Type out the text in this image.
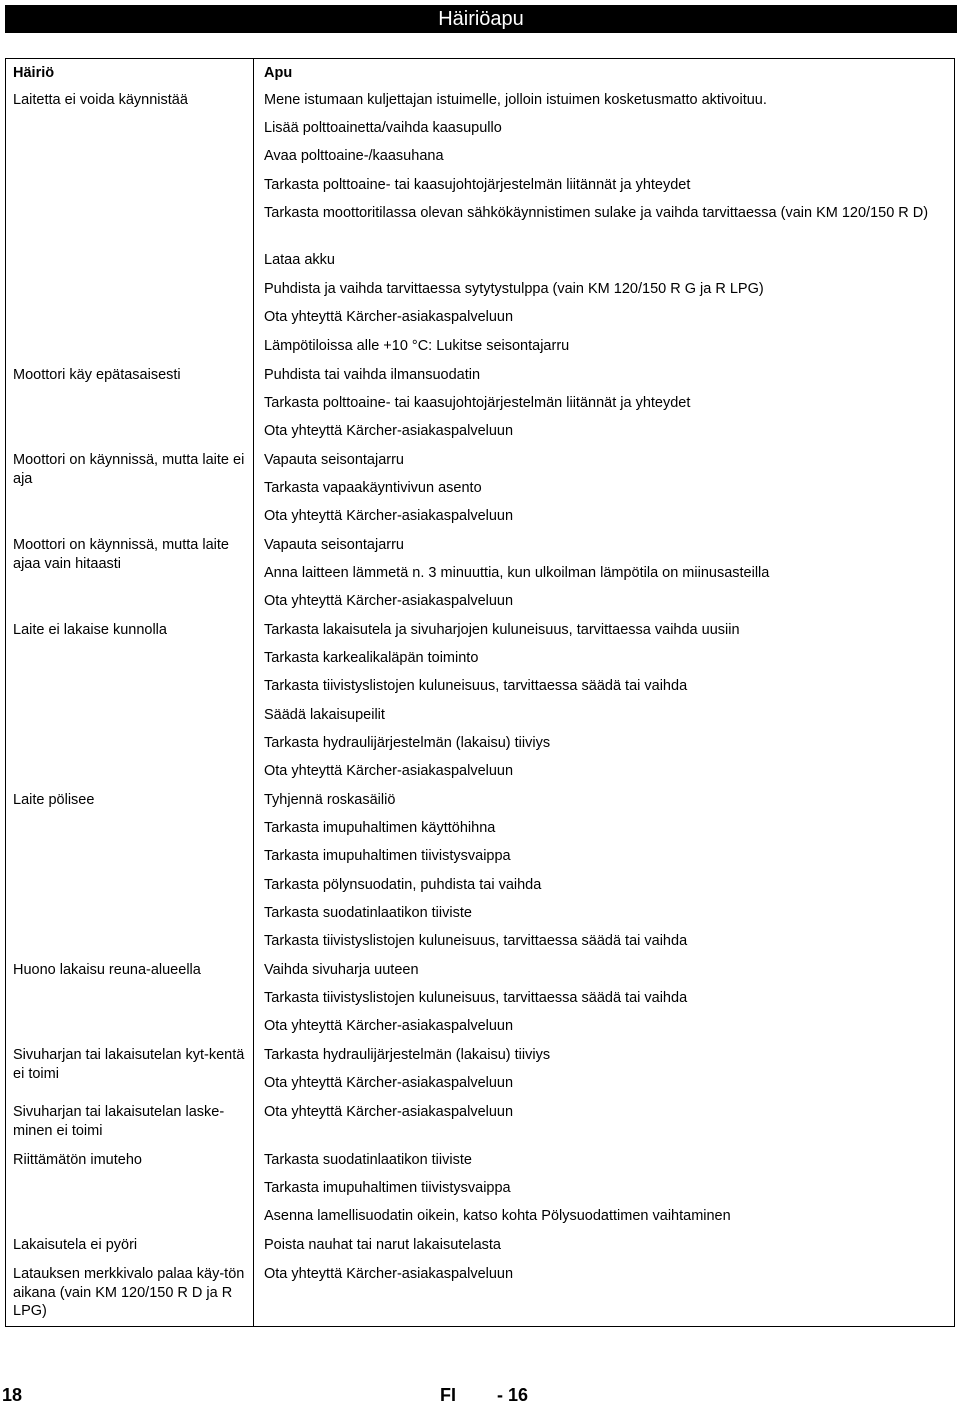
Häiriöapu
Häiriö
Laitetta ei voida käynnistää
Moottori käy epätasaisesti
Moottori on käynnissä, mutta laite ei aja
Moottori on käynnissä, mutta laite ajaa vain hitaasti
Laite ei lakaise kunnolla
Laite pölisee
Huono lakaisu reuna-alueella
Sivuharjan tai lakaisutelan kyt-kentä ei toimi
Sivuharjan tai lakaisutelan laske-minen ei toimi
Riittämätön imuteho
Lakaisutela ei pyöri
Latauksen merkkivalo palaa käy-tön aikana (vain KM 120/150 R D ja R LPG)
Apu
Mene istumaan kuljettajan istuimelle, jolloin istuimen kosketusmatto aktivoituu.
Lisää polttoainetta/vaihda kaasupullo
Avaa polttoaine-/kaasuhana
Tarkasta polttoaine- tai kaasujohtojärjestelmän liitännät ja yhteydet
Tarkasta moottoritilassa olevan sähkökäynnistimen sulake ja vaihda tarvittaessa (vain KM 120/150 R D)
Lataa akku
Puhdista ja vaihda tarvittaessa sytytystulppa (vain KM 120/150 R G ja R LPG)
Ota yhteyttä Kärcher-asiakaspalveluun
Lämpötiloissa alle +10 °C: Lukitse seisontajarru
Puhdista tai vaihda ilmansuodatin
Tarkasta polttoaine- tai kaasujohtojärjestelmän liitännät ja yhteydet
Ota yhteyttä Kärcher-asiakaspalveluun
Vapauta seisontajarru
Tarkasta vapaakäyntivivun asento
Ota yhteyttä Kärcher-asiakaspalveluun
Vapauta seisontajarru
Anna laitteen lämmetä n. 3 minuuttia, kun ulkoilman lämpötila on miinusasteilla
Ota yhteyttä Kärcher-asiakaspalveluun
Tarkasta lakaisutela ja sivuharjojen kuluneisuus, tarvittaessa vaihda uusiin
Tarkasta karkealikaläpän toiminto
Tarkasta tiivistyslistojen kuluneisuus, tarvittaessa säädä tai vaihda
Säädä lakaisupeilit
Tarkasta hydraulijärjestelmän (lakaisu) tiiviys
Ota yhteyttä Kärcher-asiakaspalveluun
Tyhjennä roskasäiliö
Tarkasta imupuhaltimen käyttöhihna
Tarkasta imupuhaltimen tiivistysvaippa
Tarkasta pölynsuodatin, puhdista tai vaihda
Tarkasta suodatinlaatikon tiiviste
Tarkasta tiivistyslistojen kuluneisuus, tarvittaessa säädä tai vaihda
Vaihda sivuharja uuteen
Tarkasta tiivistyslistojen kuluneisuus, tarvittaessa säädä tai vaihda
Ota yhteyttä Kärcher-asiakaspalveluun
Tarkasta hydraulijärjestelmän (lakaisu) tiiviys
Ota yhteyttä Kärcher-asiakaspalveluun
Ota yhteyttä Kärcher-asiakaspalveluun
Tarkasta suodatinlaatikon tiiviste
Tarkasta imupuhaltimen tiivistysvaippa
Asenna lamellisuodatin oikein, katso kohta Pölysuodattimen vaihtaminen
Poista nauhat tai narut lakaisutelasta
Ota yhteyttä Kärcher-asiakaspalveluun
18	FI - 16
